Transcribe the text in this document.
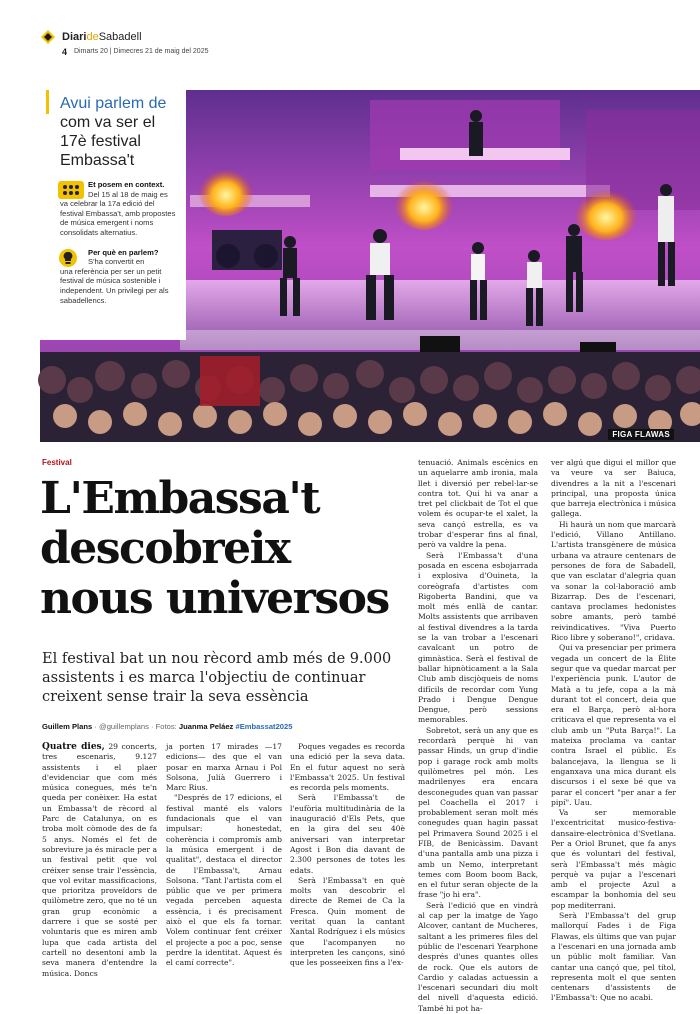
DiarideSabadell
4 Dimarts 20 | Dimecres 21 de maig del 2025
FIGA FLAWAS
Avui parlem de com va ser el 17è festival Embassa't
Et posem en context.
Del 15 al 18 de maig es
va celebrar la 17a edició del festival Embassa't, amb propostes de música emergent i noms consolidats alternatius.
Per què en parlem?
S'ha convertit en
una referència per ser un petit festival de música sostenible i independent. Un privilegi per als sabadellencs.
Festival
L'Embassa't descobreix nous universos
El festival bat un nou rècord amb més de 9.000 assistents i es marca l'objectiu de continuar creixent sense trair la seva essència
Guillem Plans · @guillemplans · Fotos: Juanma Peláez #Embassat2025

Quatre dies, 29 concerts, tres escenaris, 9.127 assistents i el plaer d'evidenciar que com més música conegues, més te'n queda per conèixer. Ha estat un Embassa't de rècord al Parc de Catalunya, on es troba molt còmode des de fa 5 anys. Només el fet de sobreviure ja és miracle per a un festival petit que vol créixer sense trair l'essència, que vol evitar massificacions, que prioritza proveïdors de quilòmetre zero, que no té un gran grup econòmic a darrere i que se sosté per voluntaris que es miren amb lupa que cada artista del cartell no desentoni amb la seva manera d'entendre la música. Doncs

ja porten 17 mirades —17 edicions— des que el van posar en marxa Arnau i Pol Solsona, Julià Guerrero i Marc Rius.

"Després de 17 edicions, el festival manté els valors fundacionals que el van impulsar: honestedat, coherència i compromís amb la música emergent i de qualitat", destaca el director de l'Embassa't, Arnau Solsona. "Tant l'artista com el públic que ve per primera vegada perceben aquesta essència, i és precisament això el que els fa tornar. Volem continuar fent créixer el projecte a poc a poc, sense perdre la identitat. Aquest és el camí correcte".

Poques vegades es recorda una edició per la seva data. En el futur aquest no serà l'Embassa't 2025. Un festival es recorda pels moments.

Serà l'Embassa't de l'eufòria multitudinària de la inauguració d'Els Pets, que en la gira del seu 40è aniversari van interpretar Agost i Bon dia davant de 2.300 persones de totes les edats.

Serà l'Embassa't en què molts van descobrir el directe de Remei de Ca la Fresca. Quin moment de veritat quan la cantant Xantal Rodríguez i els músics que l'acompanyen no interpreten les cançons, sinó que les posseeixen fins a l'ex-

tenuació. Animals escènics en un aquelarre amb ironia, mala llet i diversió per rebel·lar-se contra tot. Qui hi va anar a tret pel clickbait de Tot el que volem és ocupar-te el xalet, la seva cançó estrella, es va trobar d'esperar fins al final, però va valdre la pena.

Serà l'Embassa't d'una posada en escena esbojarrada i explosiva d'Ouineta, la coreògrafa d'artistes com Rigoberta Bandini, que va molt més enllà de cantar. Molts assistents que arribaven al festival divendres a la tarda se la van trobar a l'escenari cavalcant un potro de gimnàstica. Serà el festival de ballar hipnòticament a la Sala Club amb discjòqueis de noms difícils de recordar com Yung Prado i Dengue Dengue Dengue, però sessions memorables.

Sobretot, serà un any que es recordarà perquè hi van passar Hinds, un grup d'indie pop i garage rock amb molts quilòmetres pel món. Les madrilenyes era encara desconegudes quan van passar pel Coachella el 2017 i probablement seran molt més conegudes quan hagin passat pel Primavera Sound 2025 i el FIB, de Benicàssim. Davant d'una pantalla amb una pizza i amb un Nemo, interpretant temes com Boom boom Back, en el futur seran objecte de la frase "jo hi era".

Serà l'edició que en vindrà al cap per la imatge de Yago Alcover, cantant de Mucheres, saltant a les primeres files del públic de l'escenari Yearphone després d'unes quantes olles de rock. Que els autors de Cardio y caladas actuessin a l'escenari secundari diu molt del nivell d'aquesta edició. També hi pot ha-

ver algú que digui el millor que va veure va ser Baiuca, divendres a la nit a l'escenari principal, una proposta única que barreja electrònica i música gallega.

Hi haurà un nom que marcarà l'edició, Villano Antillano. L'artista transgènere de música urbana va atraure centenars de persones de fora de Sabadell, que van esclatar d'alegria quan va sonar la col·laboració amb Bizarrap. Des de l'escenari, cantava proclames hedonistes sobre amants, però també reivindicatives. "Viva Puerto Rico libre y soberano!", cridava.

Qui va presenciar per primera vegada un concert de la Élite segur que va quedar marcat per l'experiència punk. L'autor de Matà a tu jefe, copa a la mà durant tot el concert, deia que era el Barça, però al·hora criticava el que representa va el club amb un "Puta Barça!". La mateixa proclama va cantar contra Israel el públic. Es balancejava, la llengua se li enganxava una mica durant els discursos i el sexe bé que va parar el concert "per anar a fer pipí". Uau.

Va ser memorable l'excentricitat musico-festiva-dansaire-electrònica d'Svetlana. Per a Oriol Brunet, que fa anys que és voluntari del festival, serà l'Embassa't més màgic perquè va pujar a l'escenari amb el projecte Azul a escampar la bonhomia del seu pop mediterrani.

Serà l'Embassa't del grup mallorquí Fades i de Figa Flawas, els últims que van pujar a l'escenari en una jornada amb un públic molt familiar. Van cantar una cançó que, pel títol, representa molt el que senten centenars d'assistents de l'Embassa't: Que no acabi.
